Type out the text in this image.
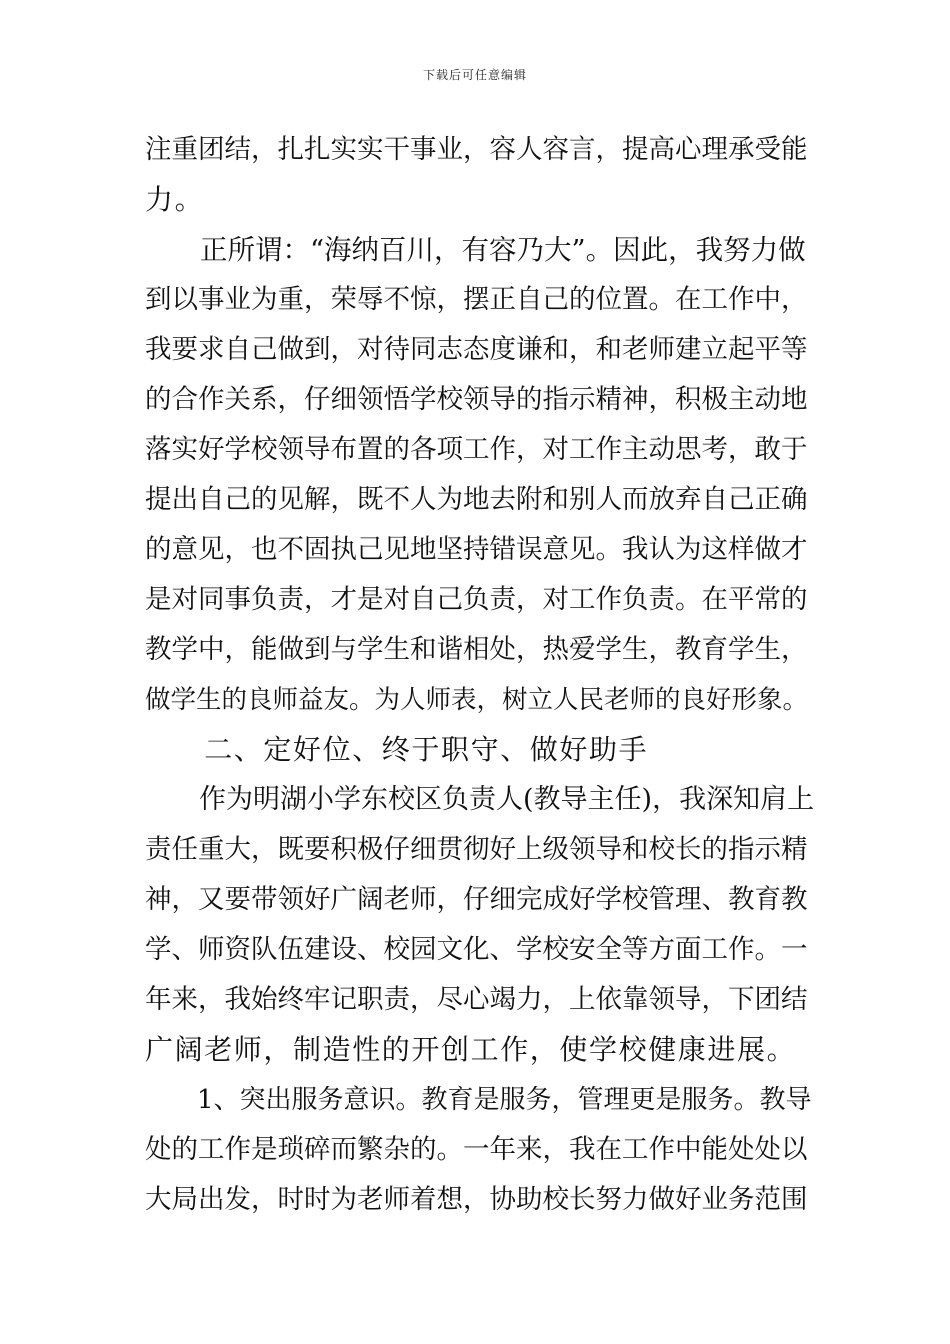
下载后可任意编辑
注重团结，扎扎实实干事业，容人容言，提高心理承受能
力。
　　正所谓：“海纳百川，有容乃大”。因此，我努力做
到以事业为重，荣辱不惊，摆正自己的位置。在工作中，
我要求自己做到，对待同志态度谦和，和老师建立起平等
的合作关系，仔细领悟学校领导的指示精神，积极主动地
落实好学校领导布置的各项工作，对工作主动思考，敢于
提出自己的见解，既不人为地去附和别人而放弃自己正确
的意见，也不固执己见地坚持错误意见。我认为这样做才
是对同事负责，才是对自己负责，对工作负责。在平常的
教学中，能做到与学生和谐相处，热爱学生，教育学生，
做学生的良师益友。为人师表，树立人民老师的良好形象。
　　二、定好位、终于职守、做好助手
　　作为明湖小学东校区负责人(教导主任)，我深知肩上
责任重大，既要积极仔细贯彻好上级领导和校长的指示精
神，又要带领好广阔老师，仔细完成好学校管理、教育教
学、师资队伍建设、校园文化、学校安全等方面工作。一
年来，我始终牢记职责，尽心竭力，上依靠领导，下团结
广阔老师，制造性的开创工作，使学校健康进展。
　　1、突出服务意识。教育是服务，管理更是服务。教导
处的工作是琐碎而繁杂的。一年来，我在工作中能处处以
大局出发，时时为老师着想，协助校长努力做好业务范围
